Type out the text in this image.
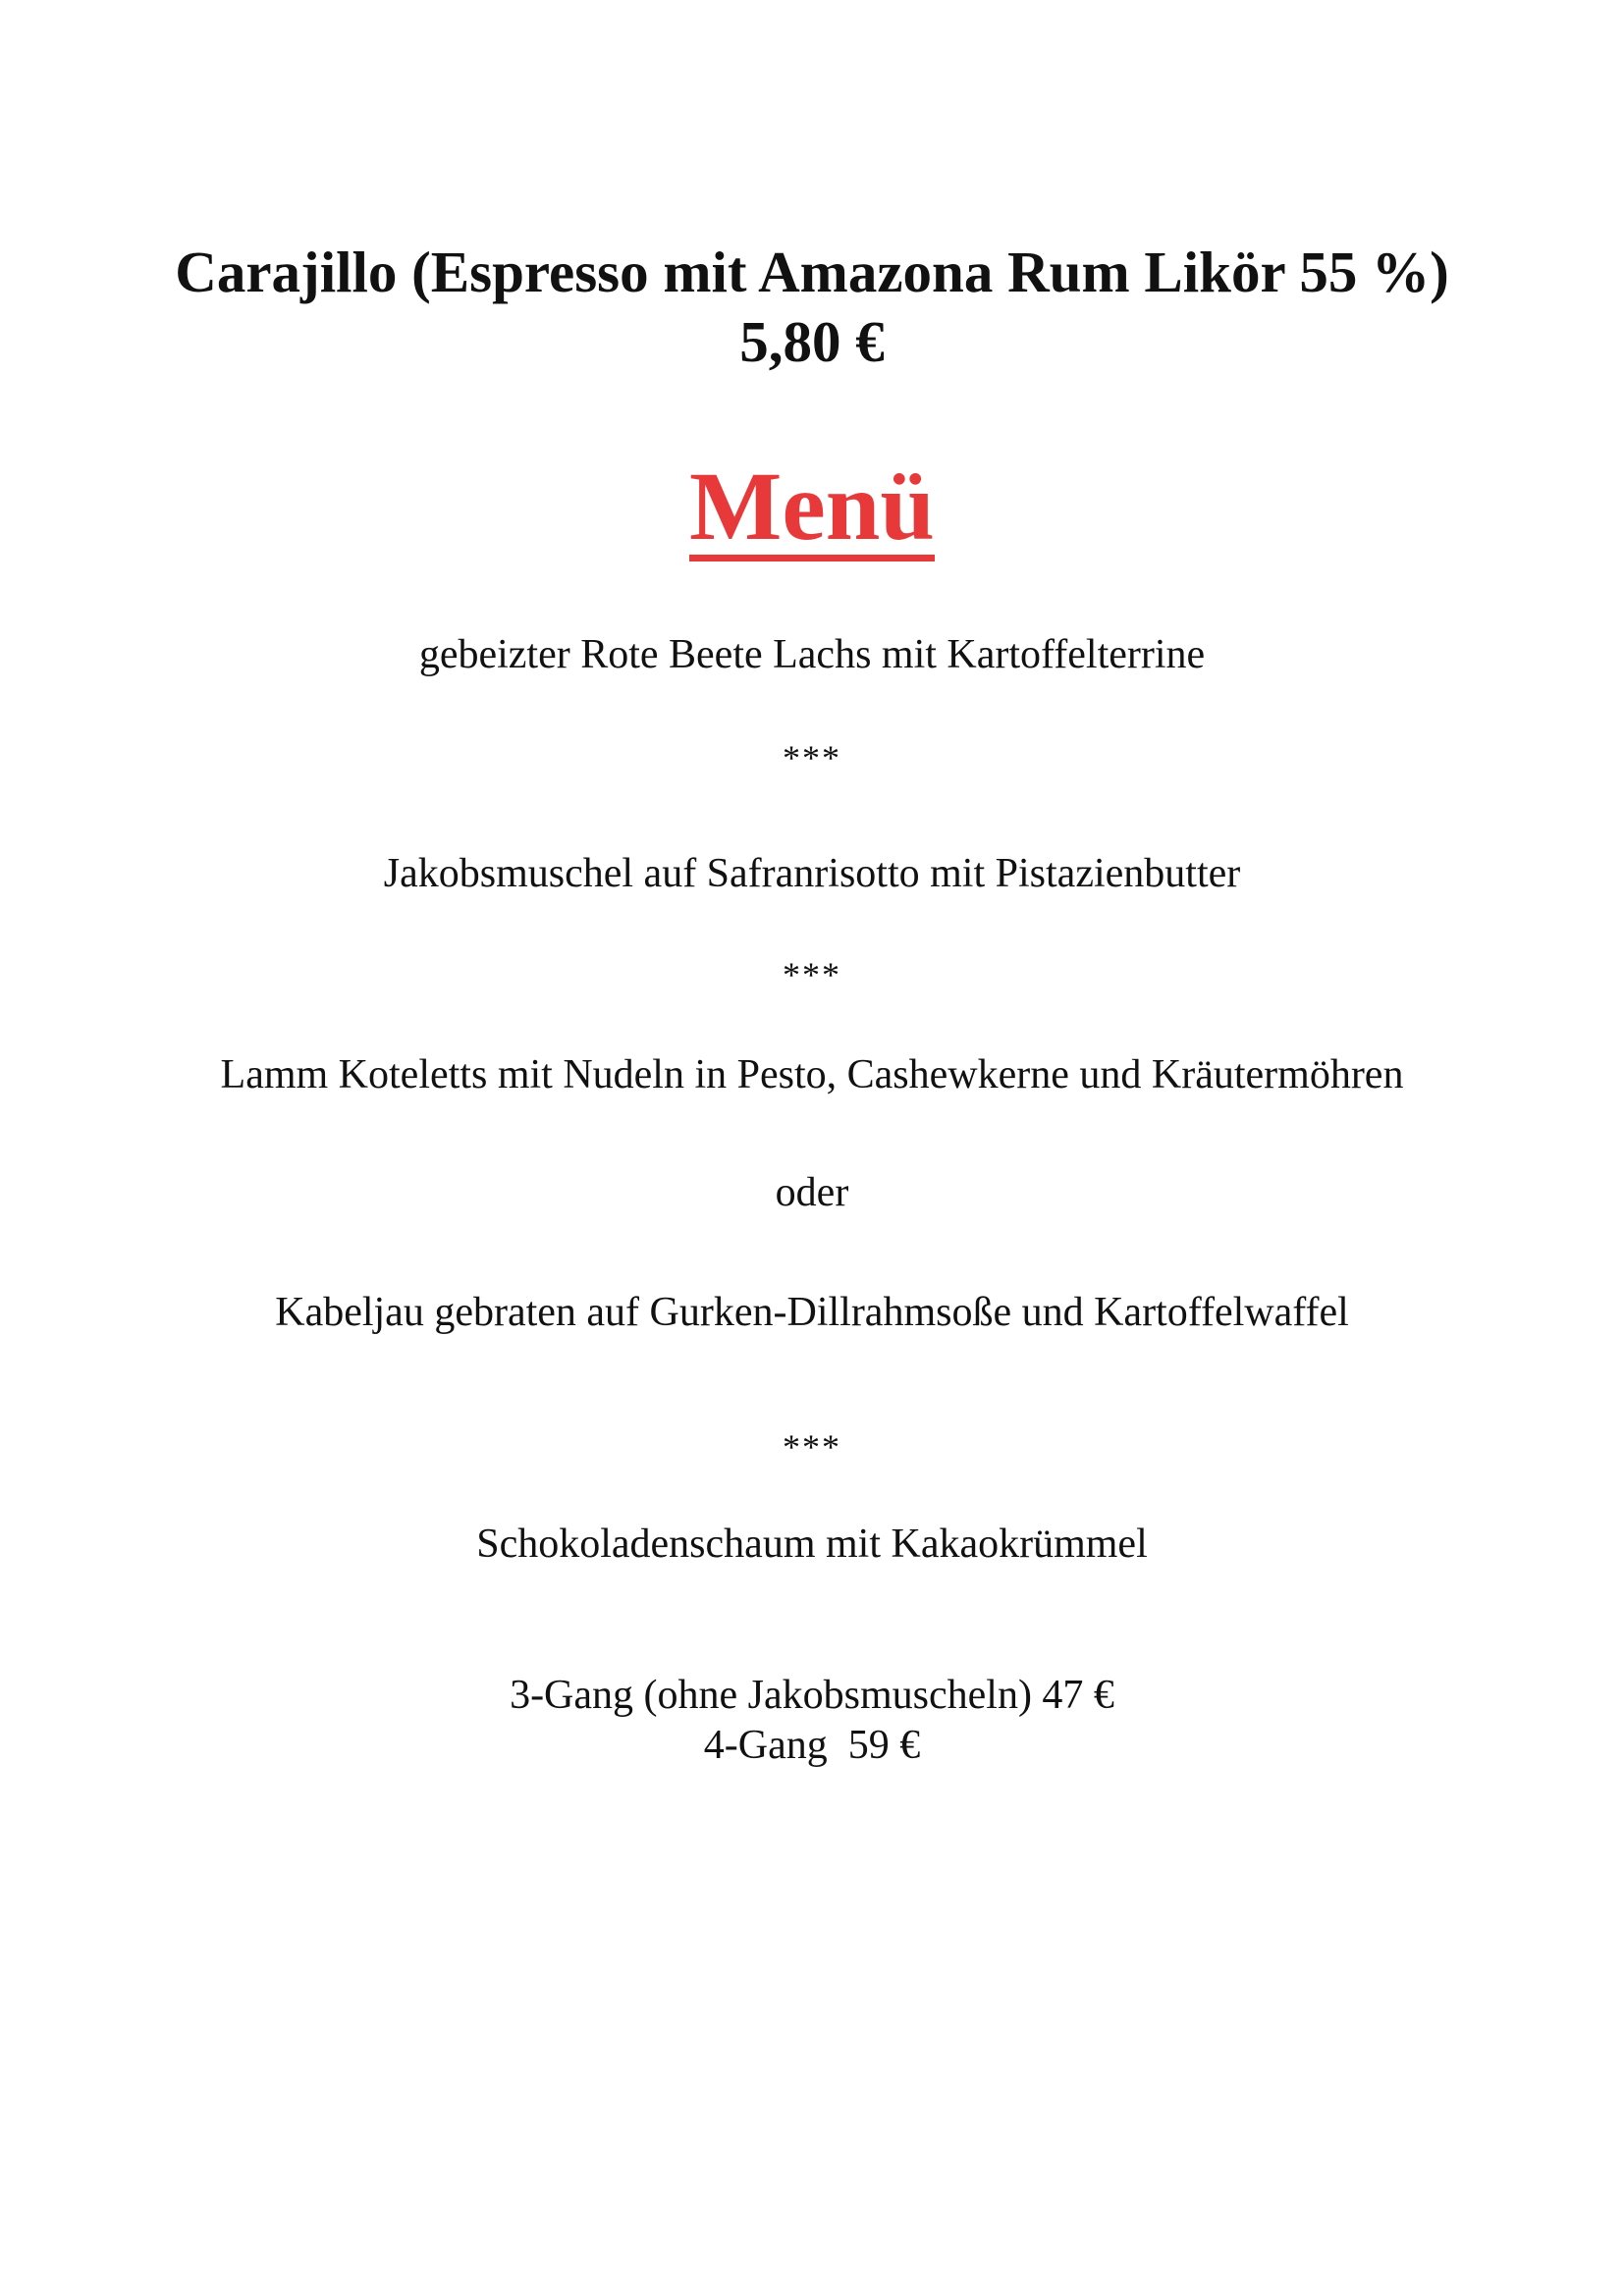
Carajillo (Espresso mit Amazona Rum Likör 55 %)
5,80 €
Menü
gebeizter Rote Beete Lachs mit Kartoffelterrine
***
Jakobsmuschel auf Safranrisotto mit Pistazienbutter
***
Lamm Koteletts mit Nudeln in Pesto, Cashewkerne und Kräutermöhren
oder
Kabeljau gebraten auf Gurken-Dillrahmsoße und Kartoffelwaffel
***
Schokoladenschaum mit Kakaokrümmel
3-Gang (ohne Jakobsmuscheln) 47 €
4-Gang  59 €
